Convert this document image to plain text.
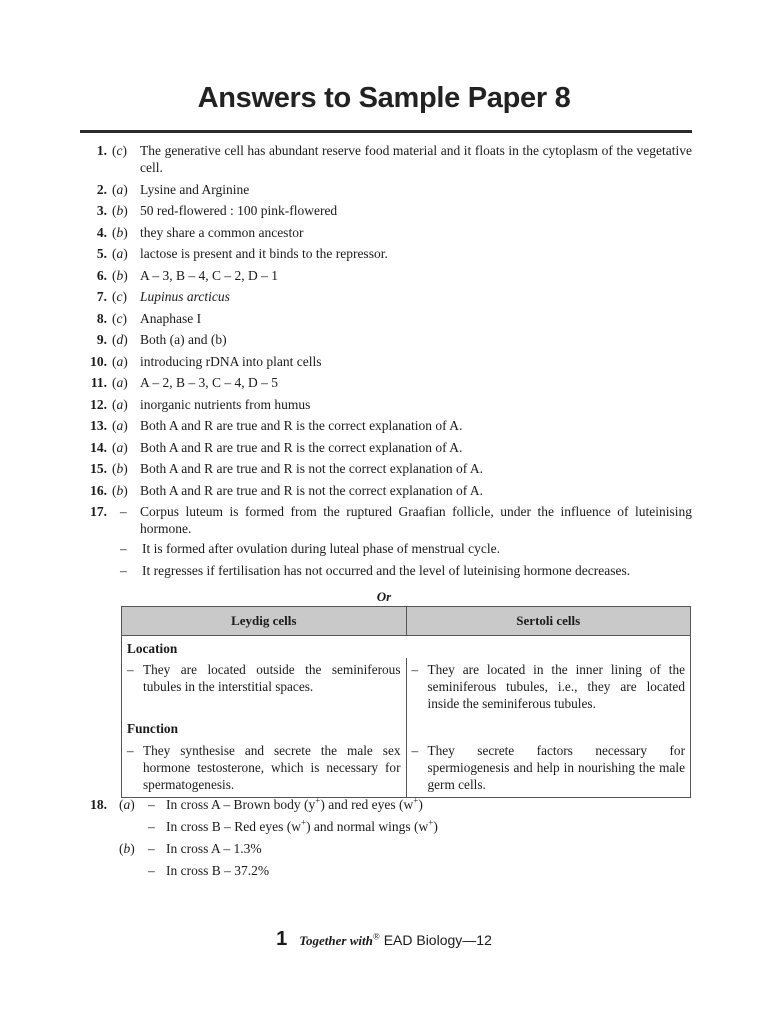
Answers to Sample Paper 8
1. (c) The generative cell has abundant reserve food material and it floats in the cytoplasm of the vegetative cell.
2. (a) Lysine and Arginine
3. (b) 50 red-flowered : 100 pink-flowered
4. (b) they share a common ancestor
5. (a) lactose is present and it binds to the repressor.
6. (b) A – 3, B – 4, C – 2, D – 1
7. (c) Lupinus arcticus
8. (c) Anaphase I
9. (d) Both (a) and (b)
10. (a) introducing rDNA into plant cells
11. (a) A – 2, B – 3, C – 4, D – 5
12. (a) inorganic nutrients from humus
13. (a) Both A and R are true and R is the correct explanation of A.
14. (a) Both A and R are true and R is the correct explanation of A.
15. (b) Both A and R are true and R is not the correct explanation of A.
16. (b) Both A and R are true and R is not the correct explanation of A.
17. – Corpus luteum is formed from the ruptured Graafian follicle, under the influence of luteinising hormone.
– It is formed after ovulation during luteal phase of menstrual cycle.
– It regresses if fertilisation has not occurred and the level of luteinising hormone decreases.
Or
Leydig cells	Sertoli cells
Location	

– They are located outside the seminiferous tubules in the interstitial spaces.	– They are located in the inner lining of the seminiferous tubules, i.e., they are located inside the seminiferous tubules.

Function	

– They synthesise and secrete the male sex hormone testosterone, which is necessary for spermatogenesis.	– They secrete factors necessary for spermiogenesis and help in nourishing the male germ cells.
18. (a) – In cross A – Brown body (y+) and red eyes (w+)
– In cross B – Red eyes (w+) and normal wings (w+)
(b) – In cross A – 1.3%
– In cross B – 37.2%
1 Together with® EAD Biology—12
